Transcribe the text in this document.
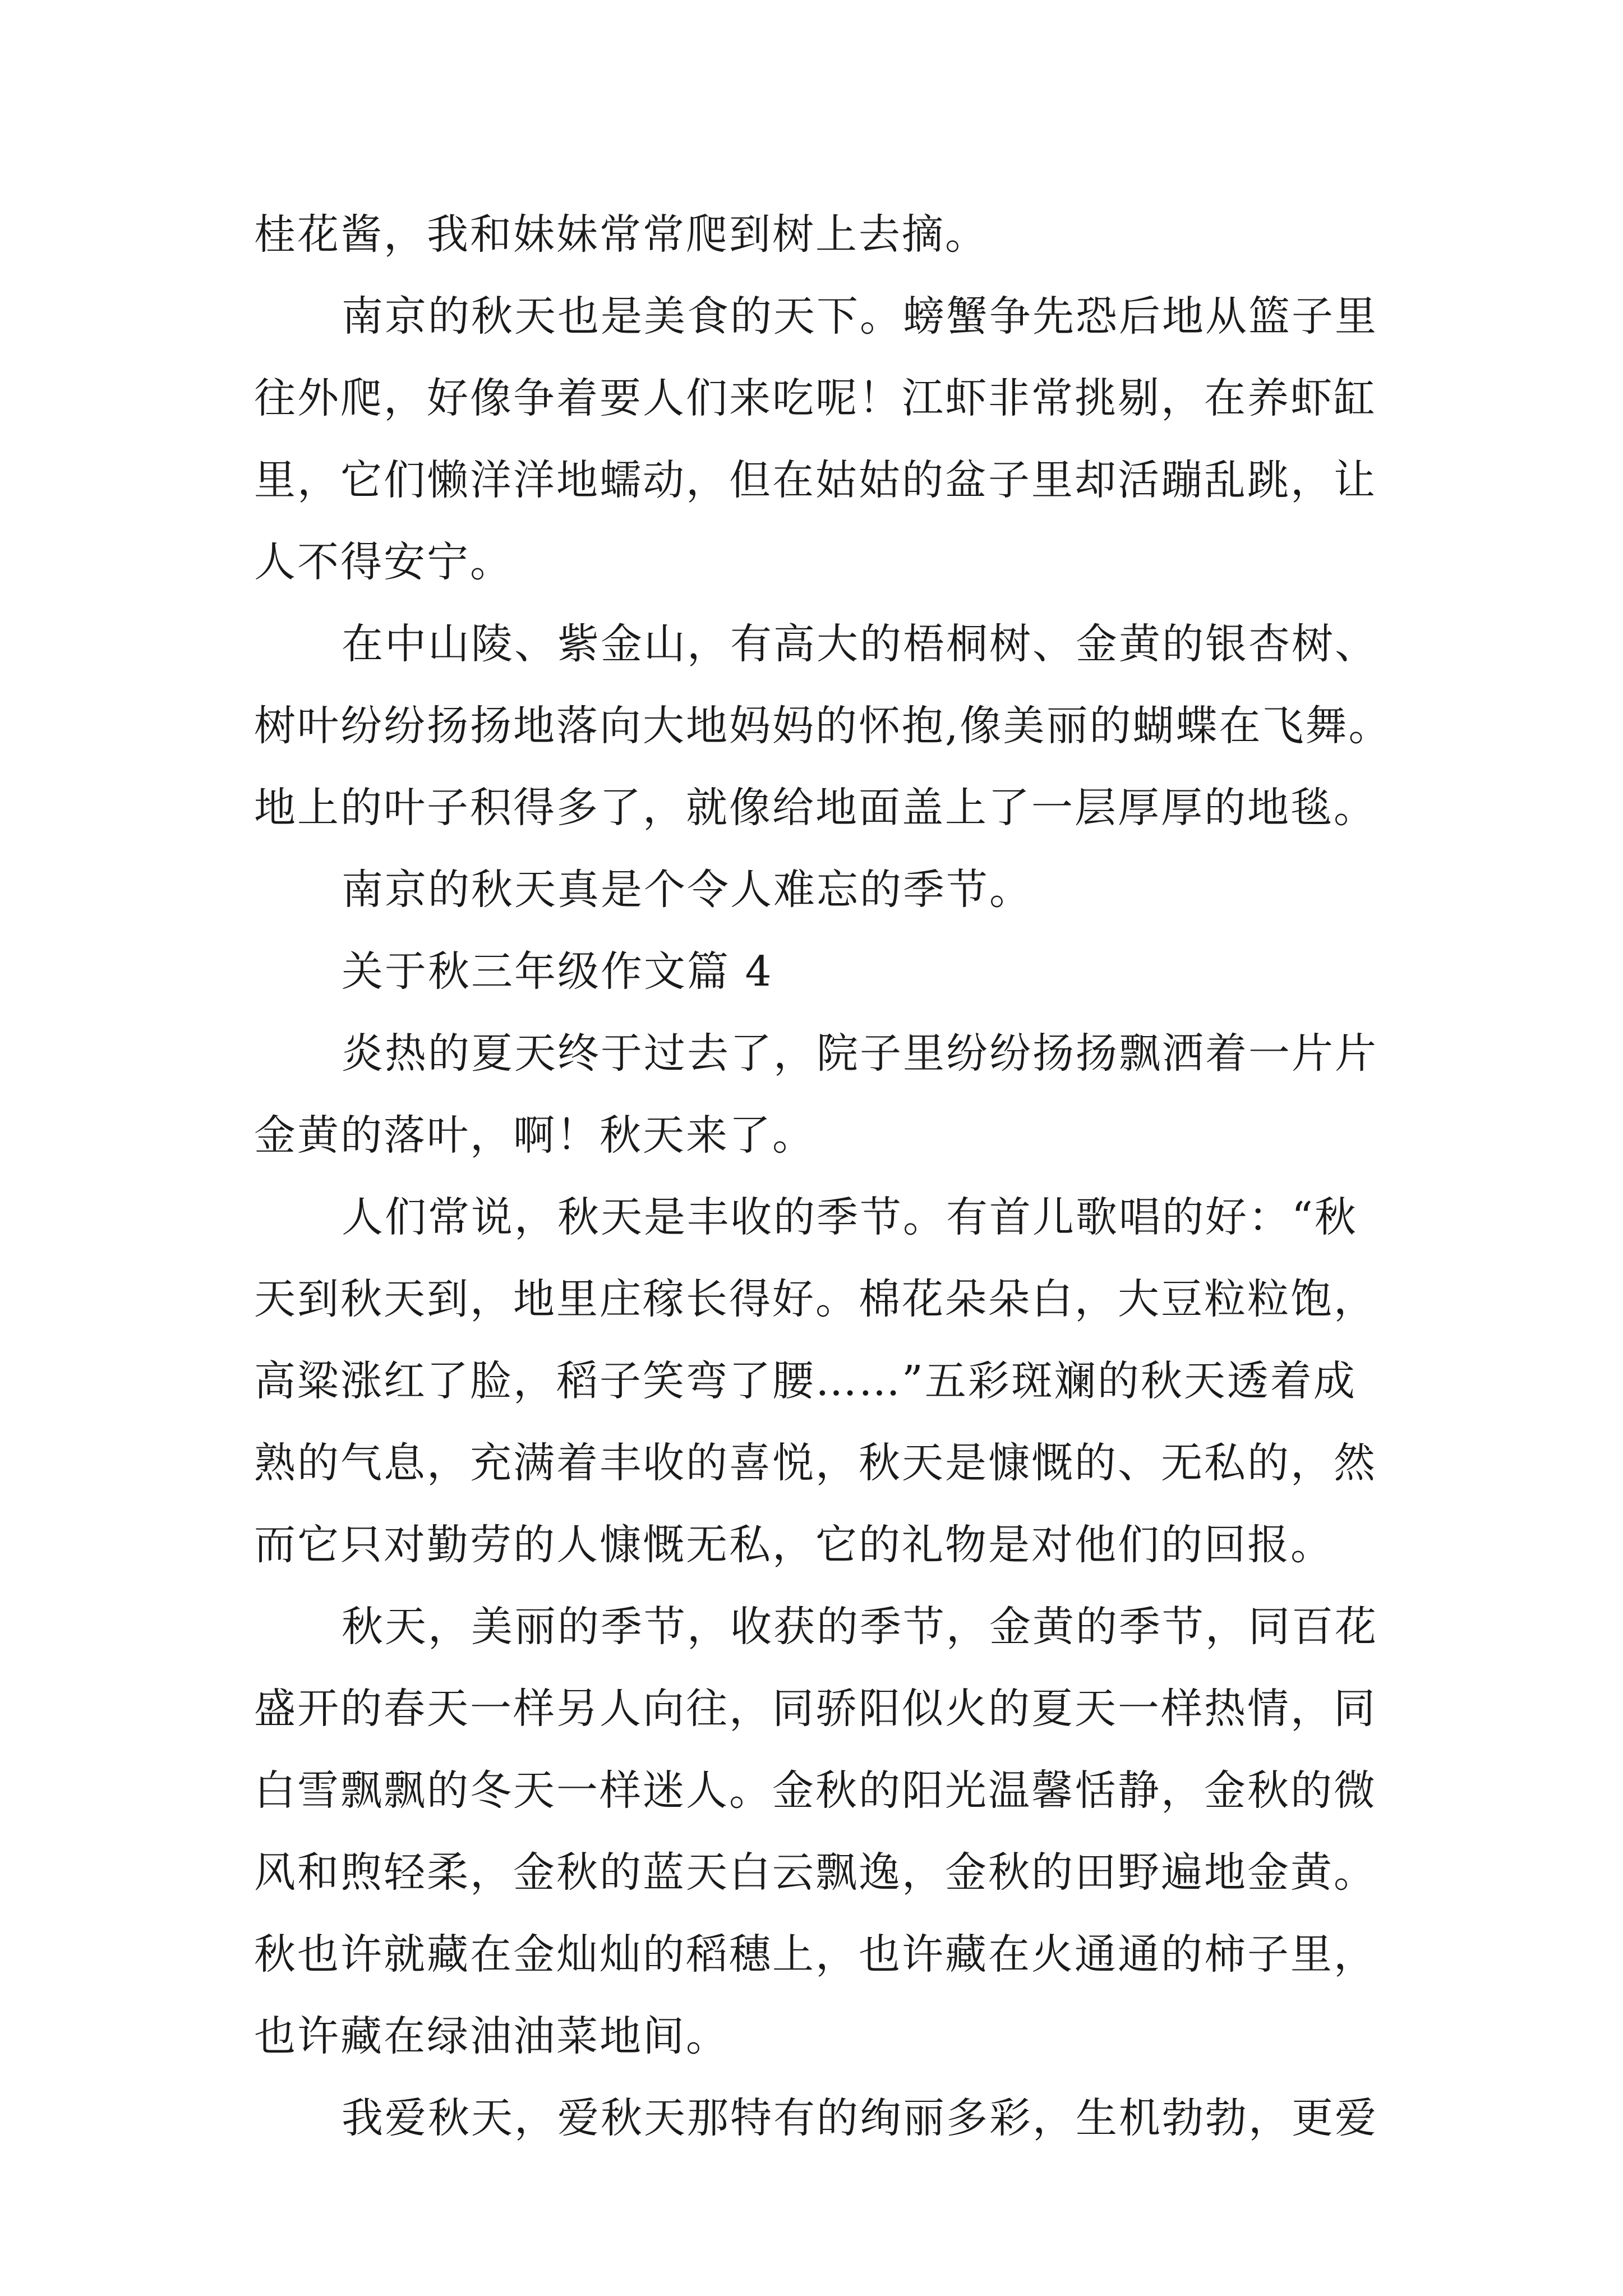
桂花酱，我和妹妹常常爬到树上去摘。

南京的秋天也是美食的天下。螃蟹争先恐后地从篮子里往外爬，好像争着要人们来吃呢！江虾非常挑剔，在养虾缸里，它们懒洋洋地蠕动，但在姑姑的盆子里却活蹦乱跳，让人不得安宁。

在中山陵、紫金山，有高大的梧桐树、金黄的银杏树、树叶纷纷扬扬地落向大地妈妈的怀抱,像美丽的蝴蝶在飞舞。地上的叶子积得多了，就像给地面盖上了一层厚厚的地毯。

南京的秋天真是个令人难忘的季节。

关于秋三年级作文篇 4

炎热的夏天终于过去了，院子里纷纷扬扬飘洒着一片片金黄的落叶，啊！秋天来了。

人们常说，秋天是丰收的季节。有首儿歌唱的好：“秋天到秋天到，地里庄稼长得好。棉花朵朵白，大豆粒粒饱，高粱涨红了脸，稻子笑弯了腰……”五彩斑斓的秋天透着成熟的气息，充满着丰收的喜悦，秋天是慷慨的、无私的，然而它只对勤劳的人慷慨无私，它的礼物是对他们的回报。

秋天，美丽的季节，收获的季节，金黄的季节，同百花盛开的春天一样另人向往，同骄阳似火的夏天一样热情，同白雪飘飘的冬天一样迷人。金秋的阳光温馨恬静，金秋的微风和煦轻柔，金秋的蓝天白云飘逸，金秋的田野遍地金黄。秋也许就藏在金灿灿的稻穗上，也许藏在火通通的柿子里，也许藏在绿油油菜地间。

我爱秋天，爱秋天那特有的绚丽多彩，生机勃勃，更爱
